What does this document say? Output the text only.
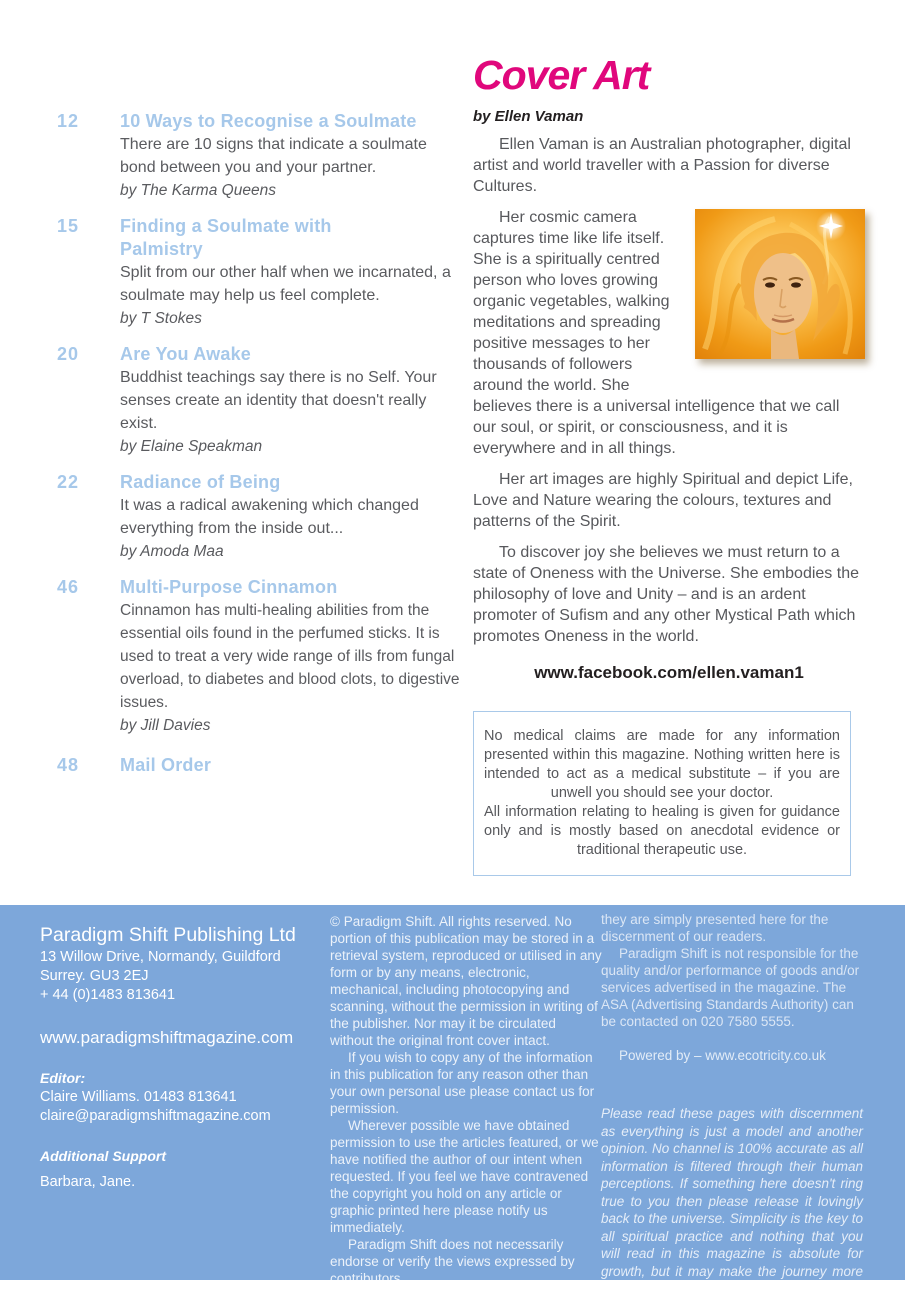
12	10 Ways to Recognise a Soulmate
There are 10 signs that indicate a soulmate bond between you and your partner.
by The Karma Queens
15	Finding a Soulmate with Palmistry
Split from our other half when we incarnated, a soulmate may help us feel complete.
by T Stokes
20	Are You Awake
Buddhist teachings say there is no Self. Your senses create an identity that doesn't really exist.
by Elaine Speakman
22	Radiance of Being
It was a radical awakening which changed everything from the inside out...
by Amoda Maa
46	Multi-Purpose Cinnamon
Cinnamon has multi-healing abilities from the essential oils found in the perfumed sticks. It is used to treat a very wide range of ills from fungal overload, to diabetes and blood clots, to digestive issues.
by Jill Davies
48	Mail Order
Cover Art
by Ellen Vaman

Ellen Vaman is an Australian photographer, digital artist and world traveller with a Passion for diverse Cultures.

Her cosmic camera captures time like life itself. She is a spiritually centred person who loves growing organic vegetables, walking meditations and spreading positive messages to her thousands of followers around the world. She believes there is a universal intelligence that we call our soul, or spirit, or consciousness, and it is everywhere and in all things.

Her art images are highly Spiritual and depict Life, Love and Nature wearing the colours, textures and patterns of the Spirit.

To discover joy she believes we must return to a state of Oneness with the Universe. She embodies the philosophy of love and Unity – and is an ardent promoter of Sufism and any other Mystical Path which promotes Oneness in the world.

www.facebook.com/ellen.vaman1

No medical claims are made for any information presented within this magazine. Nothing written here is intended to act as a medical substitute – if you are unwell you should see your doctor.

All information relating to healing is given for guidance only and is mostly based on anecdotal evidence or traditional therapeutic use.

Paradigm Shift Publishing Ltd
13 Willow Drive, Normandy, Guildford
Surrey. GU3 2EJ
+ 44 (0)1483 813641
www.paradigmshiftmagazine.com
Editor:
Claire Williams. 01483 813641
claire@paradigmshiftmagazine.com
Additional Support
Barbara, Jane.

© Paradigm Shift. All rights reserved. No portion of this publication may be stored in a retrieval system, reproduced or utilised in any form or by any means, electronic, mechanical, including photocopying and scanning, without the permission in writing of the publisher. Nor may it be circulated without the original front cover intact.

If you wish to copy any of the information in this publication for any reason other than your own personal use please contact us for permission.

Wherever possible we have obtained permission to use the articles featured, or we have notified the author of our intent when requested. If you feel we have contravened the copyright you hold on any article or graphic printed here please notify us immediately.

Paradigm Shift does not necessarily endorse or verify the views expressed by contributors,

they are simply presented here for the discernment of our readers.

Paradigm Shift is not responsible for the quality and/or performance of goods and/or services advertised in the magazine. The ASA (Advertising Standards Authority) can be contacted on 020 7580 5555.

Powered by – www.ecotricity.co.uk

Please read these pages with discernment as everything is just a model and another opinion. No channel is 100% accurate as all information is filtered through their human perceptions. If something here doesn't ring true to you then please release it lovingly back to the universe. Simplicity is the key to all spiritual practice and nothing that you will read in this magazine is absolute for growth, but it may make the journey more fun.
